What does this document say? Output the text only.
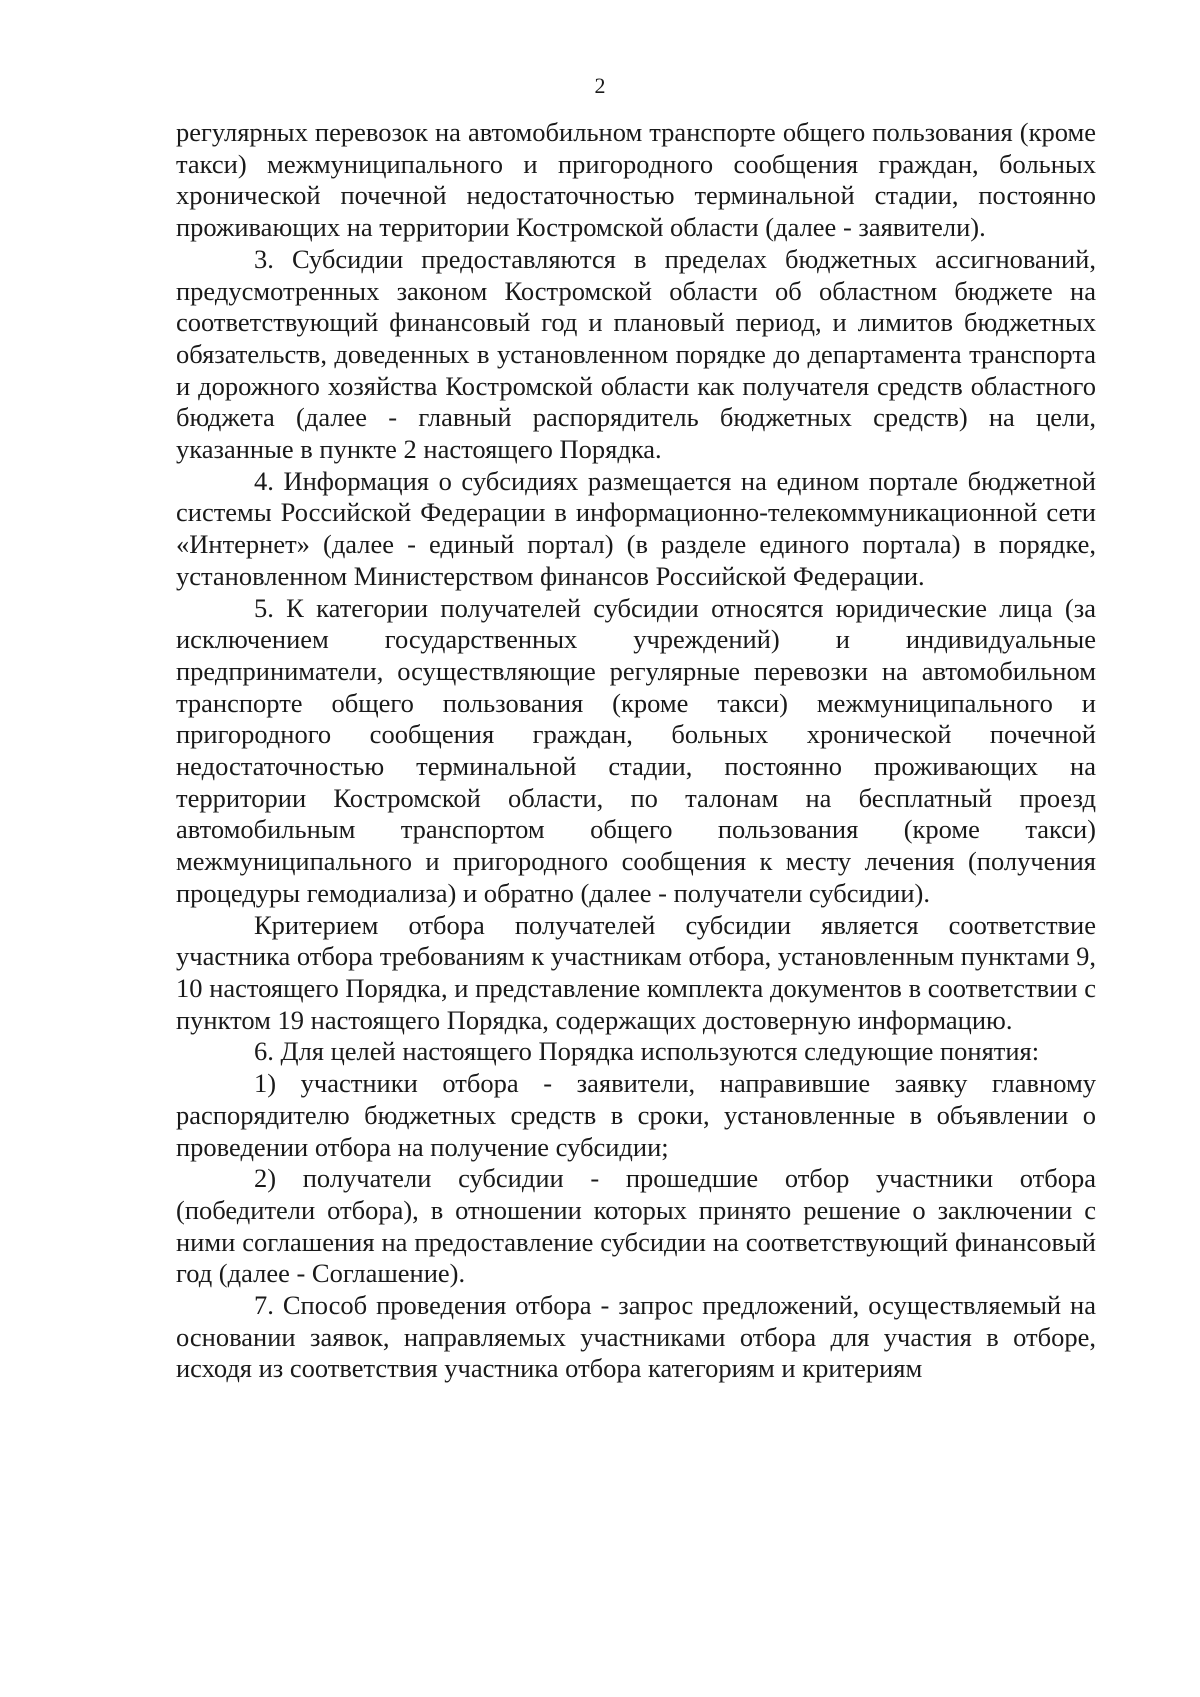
2

регулярных перевозок на автомобильном транспорте общего пользования (кроме такси) межмуниципального и пригородного сообщения граждан, больных хронической почечной недостаточностью терминальной стадии, постоянно проживающих на территории Костромской области (далее - заявители).

3. Субсидии предоставляются в пределах бюджетных ассигнований, предусмотренных законом Костромской области об областном бюджете на соответствующий финансовый год и плановый период, и лимитов бюджетных обязательств, доведенных в установленном порядке до департамента транспорта и дорожного хозяйства Костромской области как получателя средств областного бюджета (далее - главный распорядитель бюджетных средств) на цели, указанные в пункте 2 настоящего Порядка.

4. Информация о субсидиях размещается на едином портале бюджетной системы Российской Федерации в информационно-телекоммуникационной сети «Интернет» (далее - единый портал) (в разделе единого портала) в порядке, установленном Министерством финансов Российской Федерации.

5. К категории получателей субсидии относятся юридические лица (за исключением государственных учреждений) и индивидуальные предприниматели, осуществляющие регулярные перевозки на автомобильном транспорте общего пользования (кроме такси) межмуниципального и пригородного сообщения граждан, больных хронической почечной недостаточностью терминальной стадии, постоянно проживающих на территории Костромской области, по талонам на бесплатный проезд автомобильным транспортом общего пользования (кроме такси) межмуниципального и пригородного сообщения к месту лечения (получения процедуры гемодиализа) и обратно (далее - получатели субсидии).

Критерием отбора получателей субсидии является соответствие участника отбора требованиям к участникам отбора, установленным пунктами 9, 10 настоящего Порядка, и представление комплекта документов в соответствии с пунктом 19 настоящего Порядка, содержащих достоверную информацию.

6. Для целей настоящего Порядка используются следующие понятия:

1) участники отбора - заявители, направившие заявку главному распорядителю бюджетных средств в сроки, установленные в объявлении о проведении отбора на получение субсидии;

2) получатели субсидии - прошедшие отбор участники отбора (победители отбора), в отношении которых принято решение о заключении с ними соглашения на предоставление субсидии на соответствующий финансовый год (далее - Соглашение).

7. Способ проведения отбора - запрос предложений, осуществляемый на основании заявок, направляемых участниками отбора для участия в отборе, исходя из соответствия участника отбора категориям и критериям
